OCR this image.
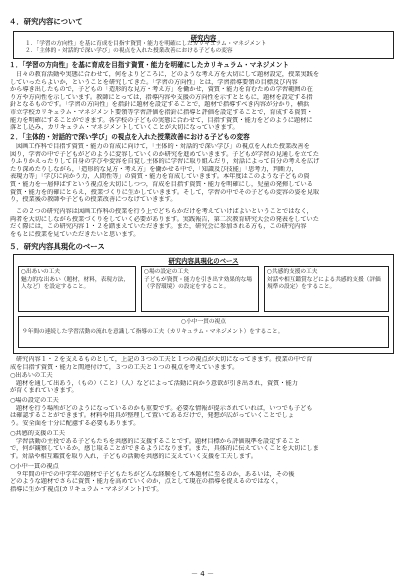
４．研究内容について
研究内容
１．「学習の方向性」を基に育成を目指す資質・能力を明確にしたカリキュラム・マネジメント
２．「主体的・対話的で深い学び」の視点を入れた授業改善における子どもの変容
１．「学習の方向性」を基に育成を目指す資質・能力を明確にしたカリキュラム・マネジメント
日々の教育活動や実態に合わせて，何をよりどころに，どのような考え方を大切にして題材設定，授業実践を
していったらよいか，ということを研究してきた。「学習の方向性」とは，学習指導要領の目標及び内容
から導き出したもので，子どもの「造形的な見方・考え方」を働かせ，資質・能力を育むための学習範囲の在
り方や方向性を示しています。教師にとっては，指導内容や支援の方向性を示すとともに，題材を設定する指
針となるものです。「学習の方向性」を指針に題材を設定することで，題材で指導すべき内容が分かり，横浜
市立学校カリキュラム・マネジメント要領等学習評価を指針に指導と評価を設定することで，育成する資質・
能力を明確にすることができます。各学校の子どもの実態に合わせて，目指す資質・能力をどのように題材に
落とし込み，カリキュラム・マネジメントしていくことが大切になっていきます。
２．「主体的・対話的で深い学び」の視点を入れた授業改善における子どもの変容
図画工作科で目指す資質・能力の育成に向けて，「主体的・対話的で深い学び」の視点を入れた授業改善を
図り，学習の中で子どもがどのように変容していくのか研究を進めていきます。子どもが学習の見通しを立てた
りふりかえったりして自身の学びや変容を自覚し主体的に学習に取り組んだり，対話によって自分の考えを広げ
たり深めたりしながら，「造形的な見方・考え方」を働かせる中で，「知識及び技能」「思考力，判断力，
表現力等」「学びに向かう力，人間性等」の資質・能力を育成していきます。本年度はこのような子どもの資
質・能力を一層伸ばすという視点を大切にしつつ，育成を目指す資質・能力を明確にし，児童の発揮している
資質・能力を的確にとらえ，授業づくりに生かしていきます。そして，学習の中でその子どもの変容の姿を見取
り，授業後の教師や子どもの授業改善につなげていきます。
この２つの研究内容は図画工作科の授業を行う上でどちらかだけを考えていけばよいということではなく，
両者を大切にしながら授業づくりをしていく必要があります。実践報告，第二次教育研究大会の発表をしていた
だく際には，この研究内容１・２を踏まえていただきます。また，研究会に参加される方も，この研究内容
をもとに授業を見ていただきたいと思います。
５．研究内容具現化のベース
研究内容具現化のベース
○出あいの工夫
魅力的な出あい（題材，材料，表現方法，人など）を設定すること。
○場の設定の工夫
子どもが資質・能力を引き出す効果的な場（学習環境）の設定をすること。
○共感的支援の工夫
対話や相互鑑賞などによる共感的支援（評価規準の設定）をすること。
○小中一貫の視点
９年間の連続した学習活動の流れを意識して指導の工夫（カリキュラム・マネジメント）をすること。
研究内容１・２を支えるものとして，上記の３つの工夫と１つの視点が大切になってきます。授業の中で育
成を目指す資質・能力と関連付けて，３つの工夫と１つの視点を考えていきます。
○出あいの工夫
題材を通して出あう，（もの）（こと）（人）などによって活動に向かう意欲が引き出され，資質・能力
が育くまれていきます。
○場の設定の工夫
題材を行う場所がどのようになっているのかも重要です。必要な情報が提示されていれば，いつでも子ども
は確認することができます。材料や用具が整理して置いてあるだけで，発想が広がっていくことでしょ
う。安全面を十分に配慮する必要もあります。
○共感的支援の工夫
学習活動の主役である子どもたちを共感的に支援することです。題材目標から評価規準を設定すること
で，何が観察しているか，感じ取ることができるようになります。また，具体的に伝えていくことを大切にしま
す。対話や相互鑑賞を取り入れ，子どもの活動を共感的に支えていく支援を工夫します。
○小中一貫の視点
９年間の中での中学年の題材で子どもたちがどんな経験をして本題材に至るのか，あるいは，その後
どのような題材でさらに資質・能力を高めていくのか，点として現在の指導を捉えるのではなく，
指導に生かす視点(カリキュラム・マネジメント)です。
－ 4 －
